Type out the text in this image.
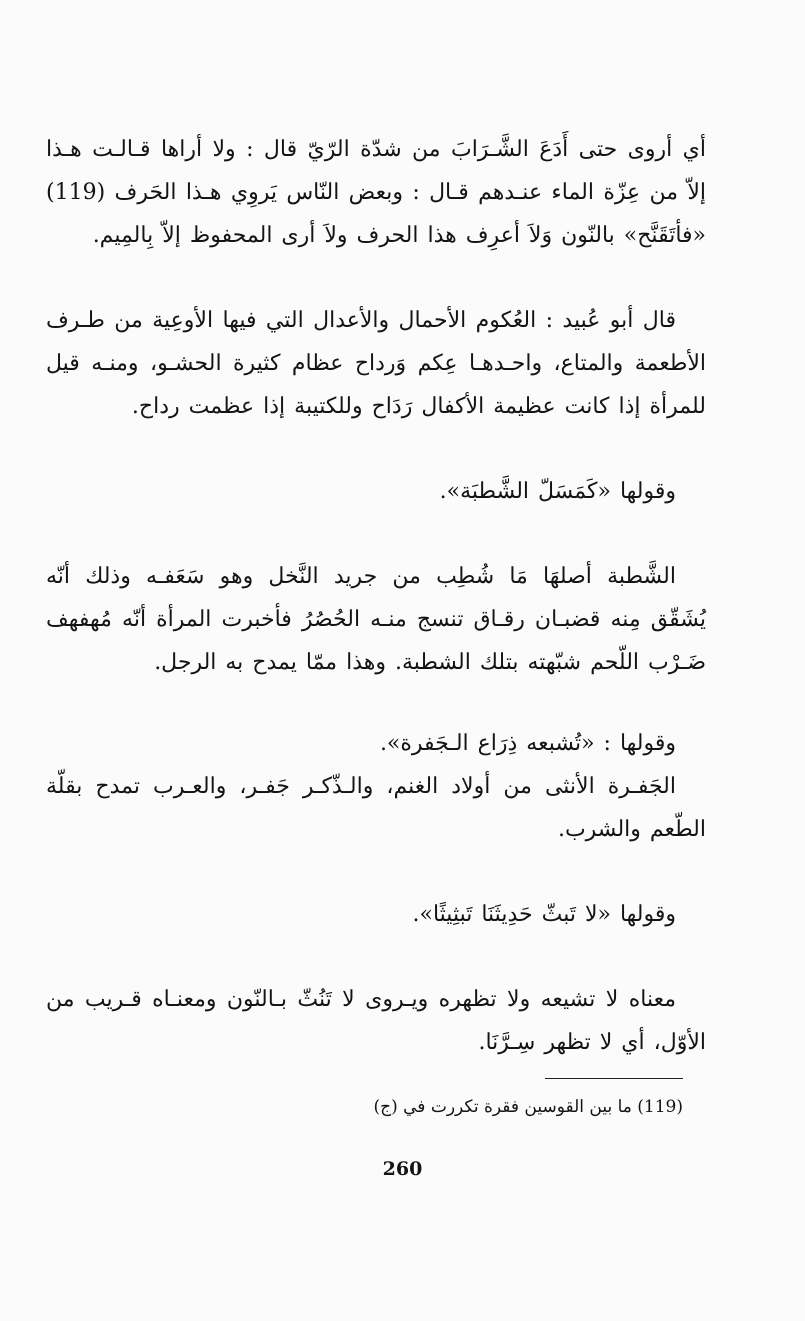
أي أروى حتى أَدَعَ الشَّـرَابَ من شدّة الرّيّ قال : ولا أراها قـالـت هـذا إلاّ من عِزّة الماء عنـدهم قـال : وبعض النّاس يَروِي هـذا الحَرف (119) «فأتَقَنَّح» بالنّون وَلاَ أعرِف هذا الحرف ولاَ أرى المحفوظ إلاّ بِالمِيم.

قال أبو عُبيد : العُكوم الأحمال والأعدال التي فيها الأوعِية من طـرف الأطعمة والمتاع، واحـدهـا عِكم وَرداح عظام كثيرة الحشـو، ومنـه قيل للمرأة إذا كانت عظيمة الأكفال رَدَاح وللكتيبة إذا عظمت رداح.

وقولها «كَمَسَلّ الشَّطبَة».

الشَّطبة أصلهَا مَا شُطِب من جريد النَّخل وهو سَعَفـه وذلك أنّه يُشَقّق مِنه قضبـان رقـاق تنسج منـه الحُصُرُ فأخبرت المرأة أنّه مُهفهف ضَـرْب اللّحم شبّهته بتلك الشطبة. وهذا ممّا يمدح به الرجل.

وقولها : «تُشبعه ذِرَاع الـجَفرة».

الجَفـرة الأنثى من أولاد الغنم، والـذّكـر جَفـر، والعـرب تمدح بقلّة الطّعم والشرب.

وقولها «لا تَبثّ حَدِيثَنَا تَبثِيثًا».

معناه لا تشيعه ولا تظهره ويـروى لا تَنُثّ بـالنّون ومعنـاه قـريب من الأوّل، أي لا تظهر سِـرَّنَا.

(119) ما بين القوسين فقرة تكررت في (ج)
260
